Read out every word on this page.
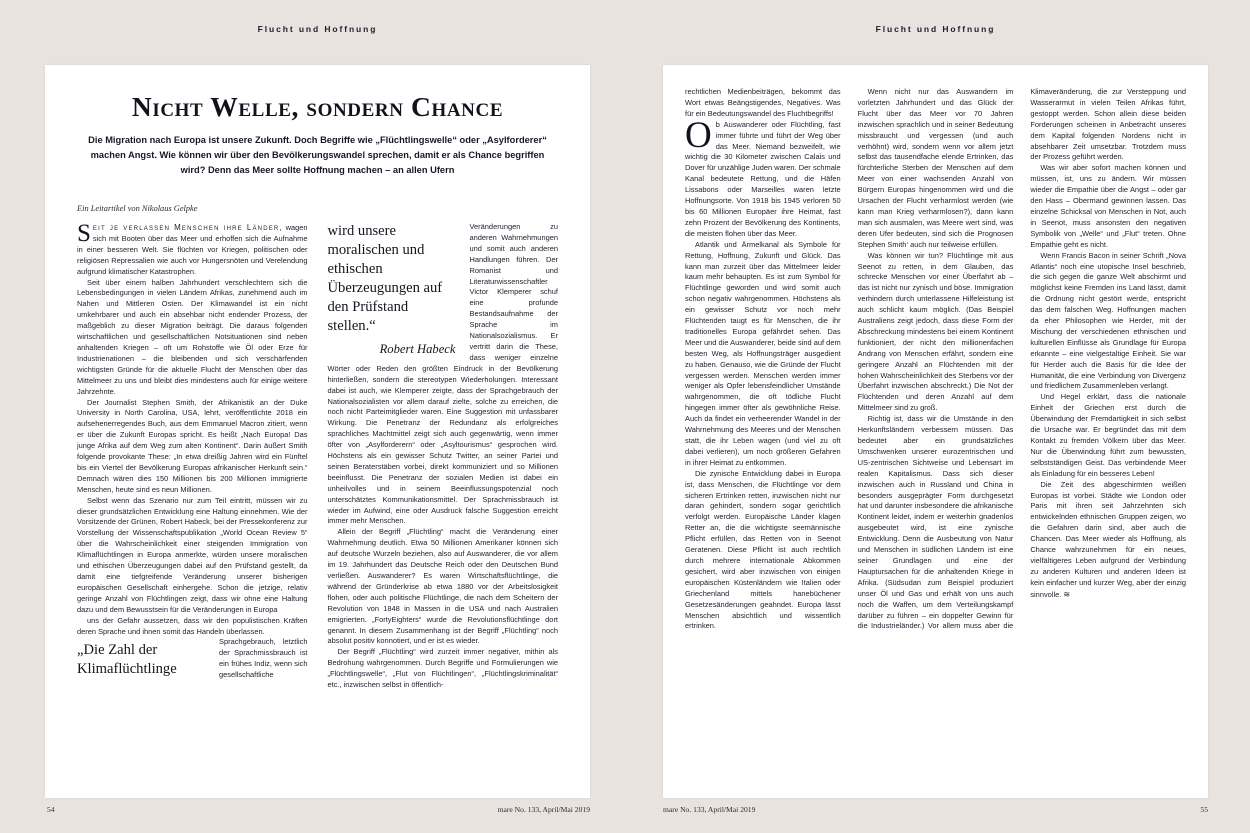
Flucht und Hoffnung	Flucht und Hoffnung
Nicht Welle, sondern Chance
Die Migration nach Europa ist unsere Zukunft. Doch Begriffe wie „Flüchtlingswelle“ oder „Asylforderer“ machen Angst. Wie können wir über den Bevölkerungswandel sprechen, damit er als Chance begriffen wird? Denn das Meer sollte Hoffnung machen – an allen Ufern
Ein Leitartikel von Nikolaus Gelpke

Seit je verlassen Menschen ihre Länder, wagen sich mit Booten über das Meer und erhoffen sich die Aufnahme in einer besseren Welt. Sie flüchten vor Kriegen, politischen oder religiösen Repressalien wie auch vor Hungersnöten und Verelendung aufgrund klimatischer Katastrophen.

Seit über einem halben Jahrhundert verschlechtern sich die Lebensbedingungen in vielen Ländern Afrikas, zunehmend auch im Nahen und Mittleren Osten. Der Klimawandel ist ein nicht umkehrbarer und auch ein absehbar nicht endender Prozess, der maßgeblich zu dieser Migration beiträgt. Die daraus folgenden wirtschaftlichen und gesellschaftlichen Notsituationen sind neben anhaltenden Kriegen – oft um Rohstoffe wie Öl oder Erze für Industrienationen – die bleibenden und sich verschärfenden wichtigsten Gründe für die aktuelle Flucht der Menschen über das Mittelmeer zu uns und bleibt dies mindestens auch für einige weitere Jahrzehnte.

Der Journalist Stephen Smith, der Afrikanistik an der Duke University in North Carolina, USA, lehrt, veröffentlichte 2018 ein aufsehenerregendes Buch, aus dem Emmanuel Macron zitiert, wenn er über die Zukunft Europas spricht. Es heißt „Nach Europa! Das junge Afrika auf dem Weg zum alten Kontinent“. Darin äußert Smith folgende provokante These: „In etwa dreißig Jahren wird ein Fünftel bis ein Viertel der Bevölkerung Europas afrikanischer Herkunft sein.“ Demnach wären dies 150 Millionen bis 200 Millionen immigrierte Menschen, heute sind es neun Millionen.

Selbst wenn das Szenario nur zum Teil eintritt, müssen wir zu dieser grundsätzlichen Entwicklung eine Haltung einnehmen. Wie der Vorsitzende der Grünen, Robert Habeck, bei der Pressekonferenz zur Vorstellung der Wissenschaftspublikation „World Ocean Review 5“ über die Wahrscheinlichkeit einer steigenden Immigration von Klimaflüchtlingen in Europa anmerkte, würden unsere moralischen und ethischen Überzeugungen dabei auf den Prüfstand gestellt, da damit eine tiefgreifende Veränderung unserer bisherigen europäischen Gesellschaft einhergehe. Schon die jetzige, relativ geringe Anzahl von Flüchtlingen zeigt, dass wir ohne eine Haltung dazu und dem Bewusstsein für die Veränderungen in Europa

uns der Gefahr aussetzen, dass wir den populistischen Kräften deren Sprache und ihnen somit das Handeln überlassen.

„Die Zahl der Klimaflüchtlinge wird unsere moralischen und ethischen Überzeugungen auf den Prüfstand stellen.“
Robert Habeck
Sprachgebrauch, letztlich der Sprachmissbrauch ist ein frühes Indiz, wenn sich gesellschaftliche Veränderungen zu anderen Wahrnehmungen und somit auch anderen Handlungen führen. Der Romanist und Literaturwissenschaftler Victor Klemperer schuf eine profunde Bestandsaufnahme der Sprache im Nationalsozialismus. Er vertritt darin die These, dass weniger einzelne Wörter oder Reden den größten Eindruck in der Bevölkerung hinterließen, sondern die stereotypen Wiederholungen. Interessant dabei ist auch, wie Klemperer zeigte, dass der Sprachgebrauch der Nationalsozialisten vor allem darauf zielte, solche zu erreichen, die noch nicht Parteimitglieder waren. Eine Suggestion mit unfassbarer Wirkung. Die Penetranz der Redundanz als erfolgreiches sprachliches Machtmittel zeigt sich auch gegenwärtig, wenn immer öfter von „Asylforderern“ oder „Asyltourismus“ gesprochen wird. Höchstens als ein gewisser Schutz Twitter, an seiner Partei und seinen Beraterstäben vorbei, direkt kommuniziert und so Millionen beeinflusst. Die Penetranz der sozialen Medien ist dabei ein unheilvolles und in seinem Beeinflussungspotenzial noch unterschätztes Kommunikationsmittel. Der Sprachmissbrauch ist wieder im Aufwind, eine oder Ausdruck falsche Suggestion erreicht immer mehr Menschen.

Allein der Begriff „Flüchtling“ macht die Veränderung einer Wahrnehmung deutlich. Etwa 50 Millionen Amerikaner können sich auf deutsche Wurzeln beziehen, also auf Auswanderer, die vor allem im 19. Jahrhundert das Deutsche Reich oder den Deutschen Bund verließen. Auswanderer? Es waren Wirtschaftsflüchtlinge, die während der Gründerkrise ab etwa 1880 vor der Arbeitslosigkeit flohen, oder auch politische Flüchtlinge, die nach dem Scheitern der Revolution von 1848 in Massen in die USA und nach Australien emigrierten. „FortyEighters“ wurde die Revolutionsflüchtlinge dort genannt. In diesem Zusammenhang ist der Begriff „Flüchtling“ noch absolut positiv konnotiert, und er ist es wieder.

Der Begriff „Flüchtling“ wird zurzeit immer negativer, mithin als Bedrohung wahrgenommen. Durch Begriffe und Formulierungen wie „Flüchtlingswelle“, „Flut von Flüchtlingen“, „Flüchtlingskriminalität“ etc., inzwischen selbst in öffentlich-

rechtlichen Medienbeiträgen, bekommt das Wort etwas Beängstigendes, Negatives. Was für ein Bedeutungswandel des Fluchtbegriffs!

Ob Auswanderer oder Flüchtling, fast immer führte und führt der Weg über das Meer. Niemand bezweifelt, wie wichtig die 30 Kilometer zwischen Calais und Dover für unzählige Juden waren. Der schmale Kanal bedeutete Rettung, und die Häfen Lissabons oder Marseilles waren letzte Hoffnungsorte. Von 1918 bis 1945 verloren 50 bis 60 Millionen Europäer ihre Heimat, fast zehn Prozent der Bevölkerung des Kontinents, die meisten flohen über das Meer.

Atlantik und Ärmelkanal als Symbole für Rettung, Hoffnung, Zukunft und Glück. Das kann man zurzeit über das Mittelmeer leider kaum mehr behaupten. Es ist zum Symbol für Flüchtlinge geworden und wird somit auch schon negativ wahrgenommen. Höchstens als ein gewisser Schutz vor noch mehr Flüchtenden taugt es für Menschen, die ihr traditionelles Europa gefährdet sehen. Das Meer und die Auswanderer, beide sind auf dem besten Weg, als Hoffnungsträger ausgedient zu haben. Genauso, wie die Gründe der Flucht vergessen werden. Menschen werden immer weniger als Opfer lebensfeindlicher Umstände wahrgenommen, die oft tödliche Flucht hingegen immer öfter als gewöhnliche Reise. Auch da findet ein verheerender Wandel in der Wahrnehmung des Meeres und der Menschen statt, die ihr Leben wagen (und viel zu oft dabei verlieren), um noch größeren Gefahren in ihrer Heimat zu entkommen.

Die zynische Entwicklung dabei in Europa ist, dass Menschen, die Flüchtlinge vor dem sicheren Ertrinken retten, inzwischen nicht nur daran gehindert, sondern sogar gerichtlich verfolgt werden. Europäische Länder klagen Retter an, die die wichtigste seemännische Pflicht erfüllen, das Retten von in Seenot Geratenen. Diese Pflicht ist auch rechtlich durch mehrere internationale Abkommen gesichert, wird aber inzwischen von einigen europäischen Küstenländern wie Italien oder Griechenland mittels hanebüchener Gesetzesänderungen geahndet. Europa lässt Menschen absichtlich und wissentlich ertrinken.

Wenn nicht nur das Auswandern im vorletzten Jahrhundert und das Glück der Flucht über das Meer vor 70 Jahren inzwischen sprachlich und in seiner Bedeutung missbraucht und vergessen (und auch verhöhnt) wird, sondern wenn vor allem jetzt selbst das tausendfache elende Ertrinken, das fürchterliche Sterben der Menschen auf dem Meer von einer wachsenden Anzahl von Bürgern Europas hingenommen wird und die Ursachen der Flucht verharmlost werden (wie kann man Krieg verharmlosen?), dann kann man sich ausmalen, was Meere wert sind, was deren Ufer bedeuten, sind sich die Prognosen Stephen Smith‘ auch nur teilweise erfüllen.

Was können wir tun? Flüchtlinge mit aus Seenot zu retten, in dem Glauben, das schrecke Menschen vor einer Überfahrt ab – das ist nicht nur zynisch und böse. Immigration verhindern durch unterlassene Hilfeleistung ist auch schlicht kaum möglich. (Das Beispiel Australiens zeigt jedoch, dass diese Form der Abschreckung mindestens bei einem Kontinent funktioniert, der nicht den millionenfachen Andrang von Menschen erfährt, sondern eine geringere Anzahl an Flüchtenden mit der hohen Wahrscheinlichkeit des Sterbens vor der Überfahrt inzwischen abschreckt.) Die Not der Flüchtenden und deren Anzahl auf dem Mittelmeer sind zu groß.

Richtig ist, dass wir die Umstände in den Herkunftsländern verbessern müssen. Das bedeutet aber ein grundsätzliches Umschwenken unserer eurozentrischen und US-zentrischen Sichtweise und Lebensart im realen Kapitalismus. Dass sich dieser inzwischen auch in Russland und China in besonders ausgeprägter Form durchgesetzt hat und darunter insbesondere die afrikanische Kontinent leidet, indem er weiterhin gnadenlos ausgebeutet wird, ist eine zynische Entwicklung. Denn die Ausbeutung von Natur und Menschen in südlichen Ländern ist eine seiner Grundlagen und eine der Hauptursachen für die anhaltenden Kriege in Afrika. (Südsudan zum Beispiel produziert unser Öl und Gas und erhält von uns auch noch die Waffen, um dem Verteilungskampf darüber zu führen – ein doppelter Gewinn für die Industrieländer.) Vor allem muss aber die Klimaveränderung, die zur Versteppung und Wasserarmut in vielen Teilen Afrikas führt, gestoppt werden. Schon allein diese beiden Forderungen scheinen in Anbetracht unseres dem Kapital folgenden Nordens nicht in absehbarer Zeit umsetzbar. Trotzdem muss der Prozess geführt werden.

Was wir aber sofort machen können und müssen, ist, uns zu ändern. Wir müssen wieder die Empathie über die Angst – oder gar den Hass – Obermand gewinnen lassen. Das einzelne Schicksal von Menschen in Not, auch in Seenot, muss ansonsten den negativen Symbolik von „Welle“ und „Flut“ treten. Ohne Empathie geht es nicht.

Wenn Francis Bacon in seiner Schrift „Nova Atlantis“ noch eine utopische Insel beschrieb, die sich gegen die ganze Welt abschirmt und möglichst keine Fremden ins Land lässt, damit die Ordnung nicht gestört werde, entspricht das dem falschen Weg. Hoffnungen machen da eher Philosophen wie Herder, mit der Mischung der verschiedenen ethnischen und kulturellen Einflüsse als Grundlage für Europa erkannte – eine vielgestaltige Einheit. Sie war für Herder auch die Basis für die Idee der Humanität, die eine Verbindung von Divergenz und friedlichem Zusammenleben verlangt.

Und Hegel erklärt, dass die nationale Einheit der Griechen erst durch die Überwindung der Fremdartigkeit in sich selbst die Ursache war. Er begründet das mit dem Kontakt zu fremden Völkern über das Meer. Nur die Überwindung führt zum bewussten, selbstständigen Geist. Das verbindende Meer als Einladung für ein besseres Leben!

Die Zeit des abgeschirmten weißen Europas ist vorbei. Städte wie London oder Paris mit ihren seit Jahrzehnten sich entwickelnden ethnischen Gruppen zeigen, wo die Gefahren darin sind, aber auch die Chancen. Das Meer wieder als Hoffnung, als Chance wahrzunehmen für ein neues, vielfältigeres Leben aufgrund der Verbindung zu anderen Kulturen und anderen Ideen ist kein einfacher und kurzer Weg, aber der einzig sinnvolle. ≋

54	mare No. 133, April/Mai 2019	mare No. 133, April/Mai 2019	55
